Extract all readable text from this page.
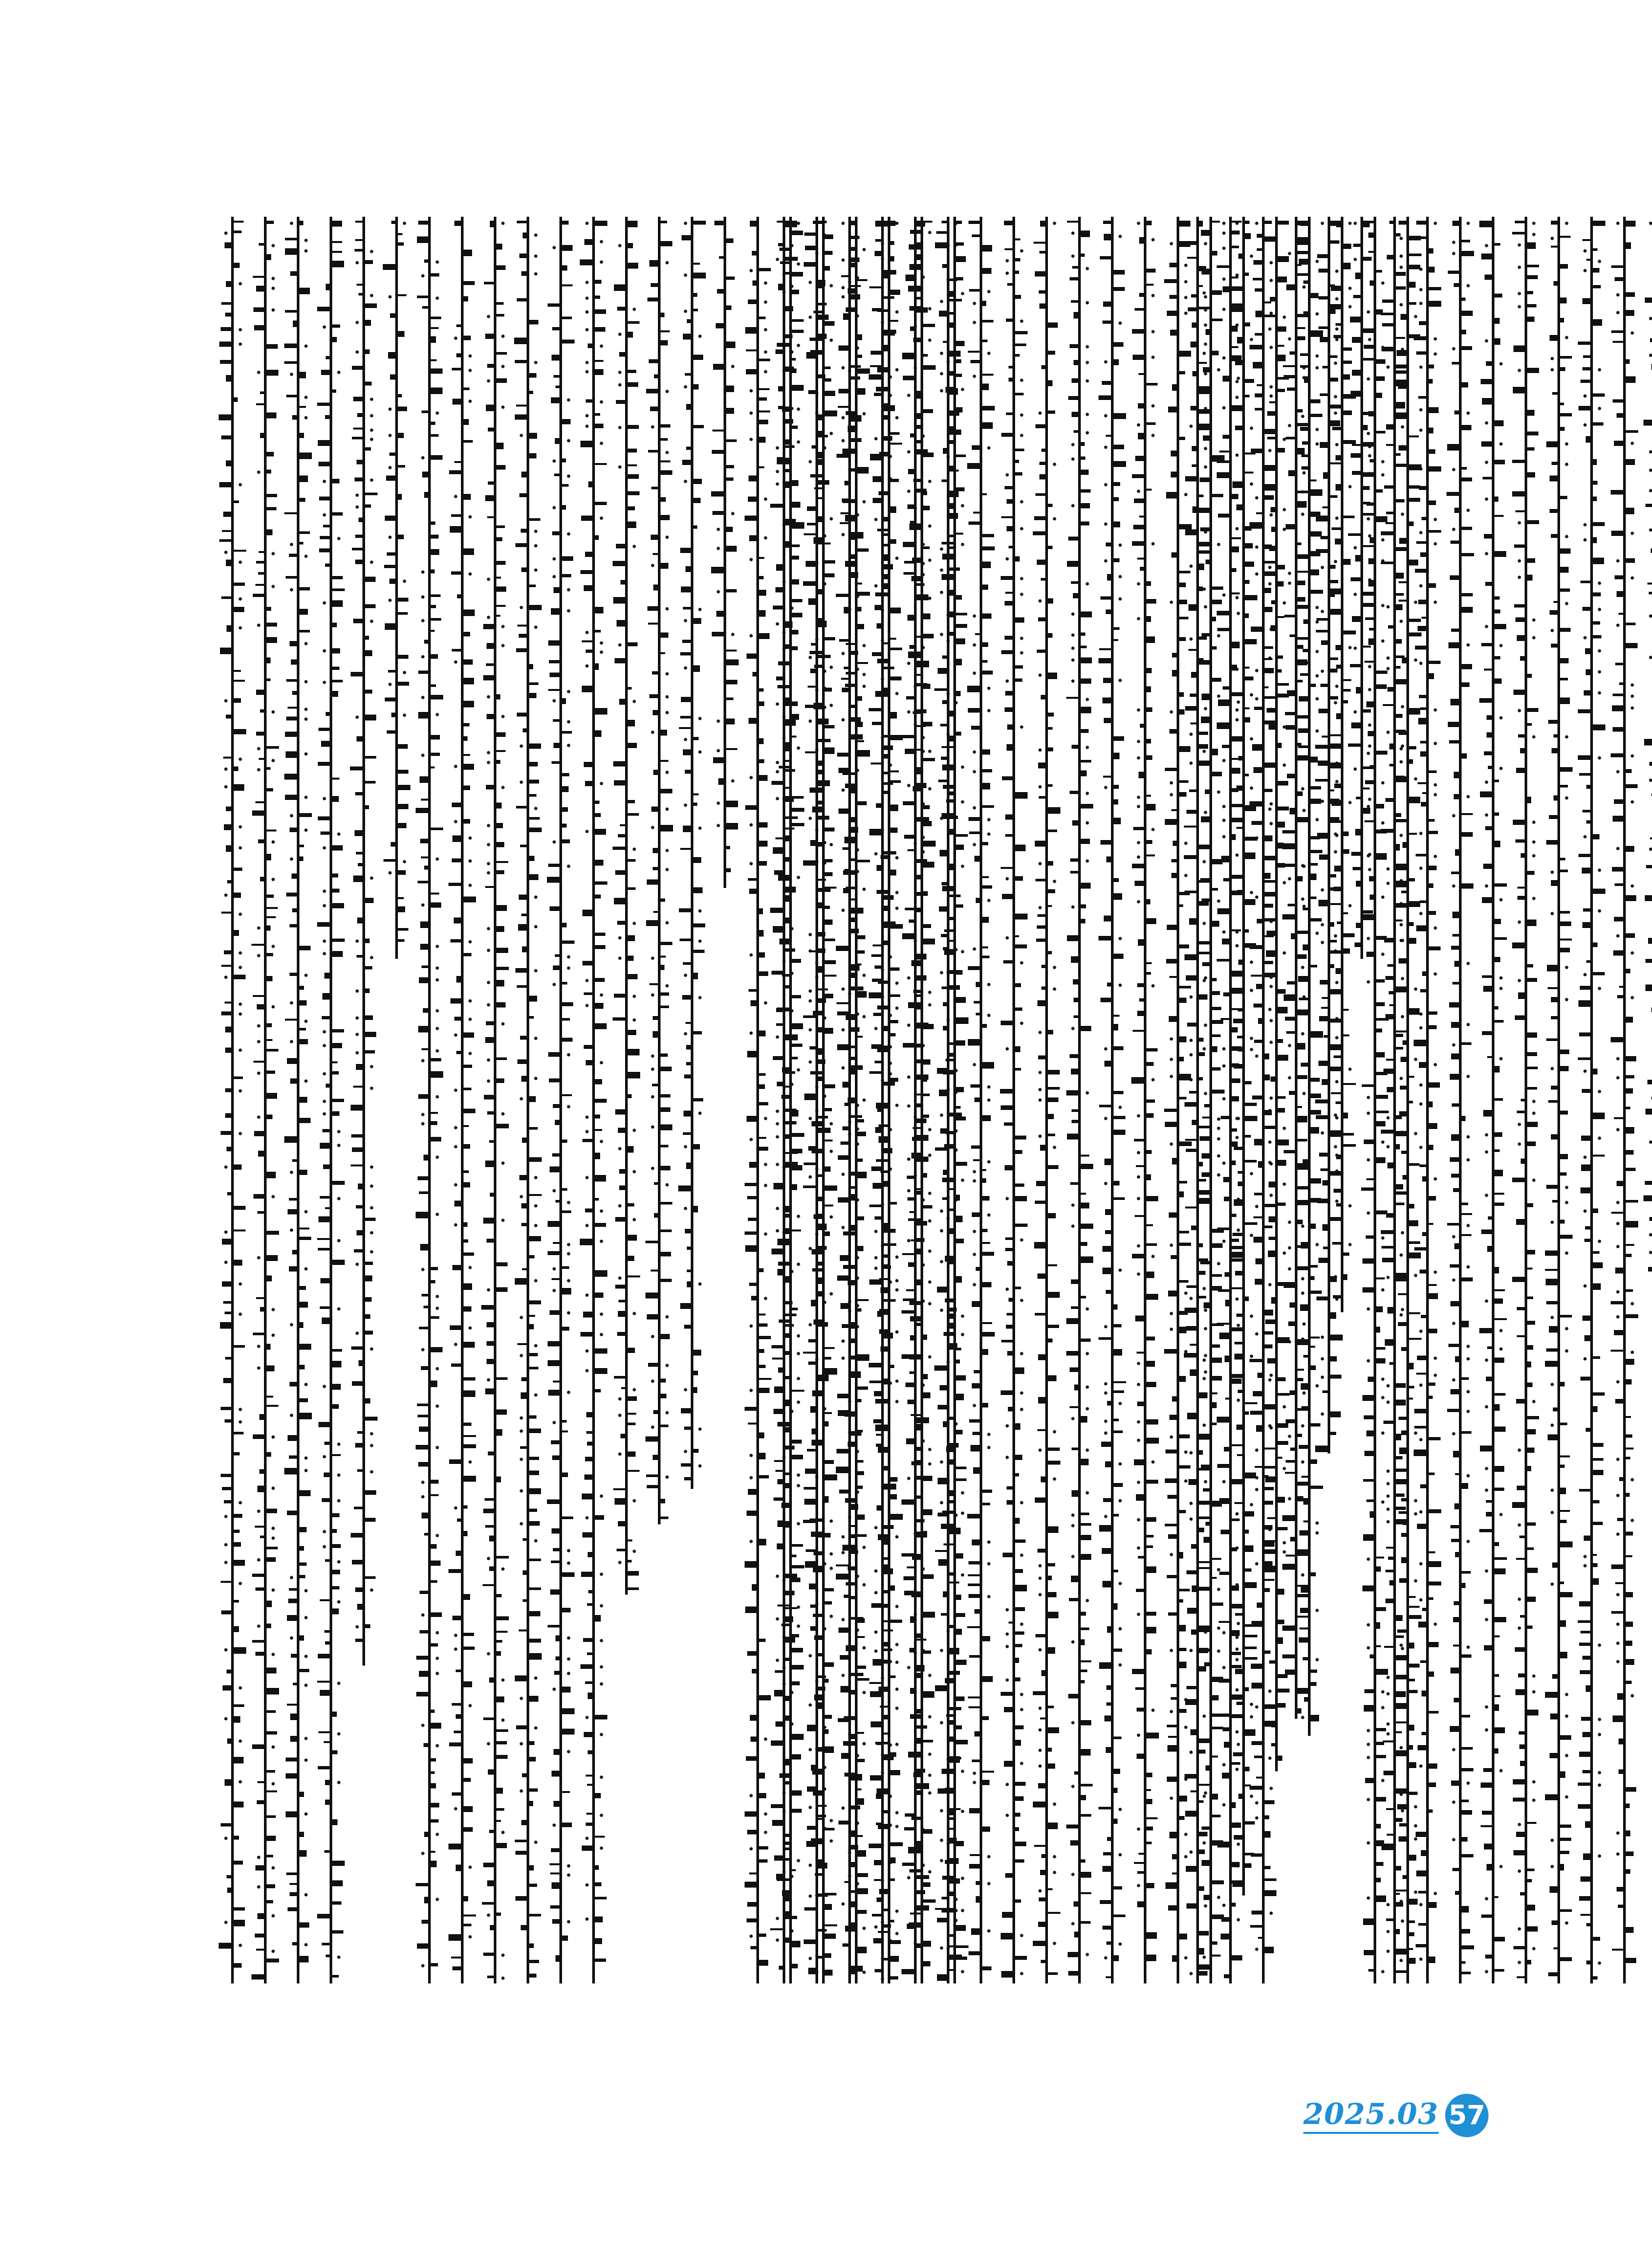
2025.03 57
